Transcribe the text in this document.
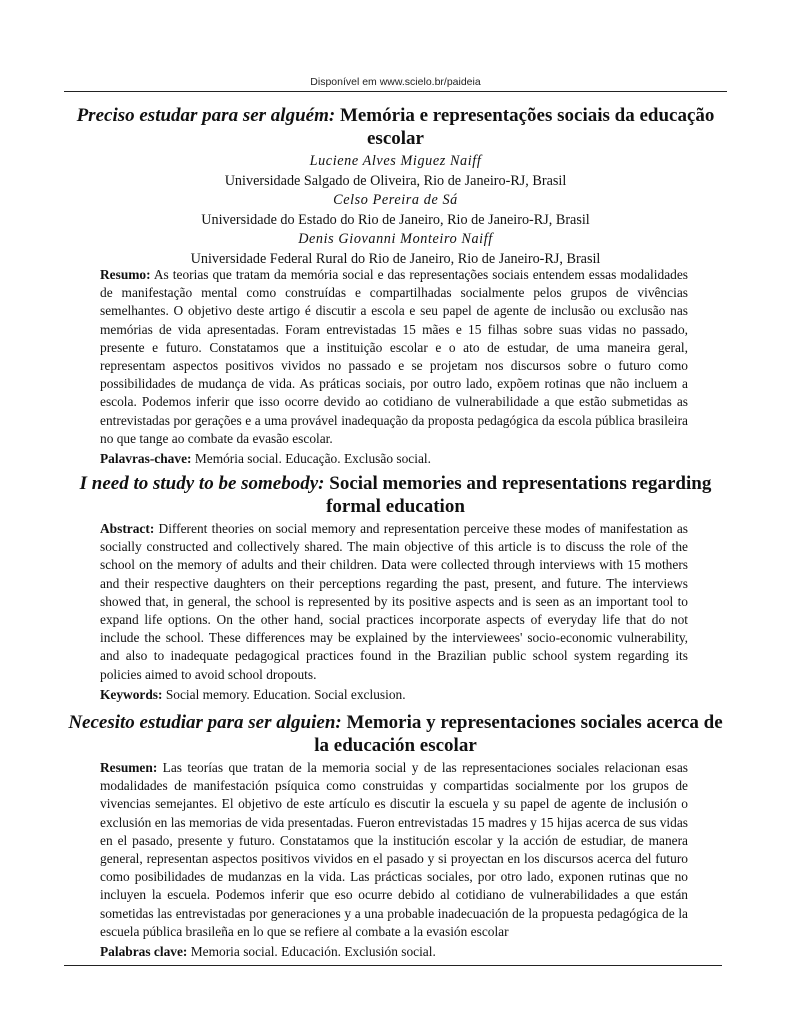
Disponível em www.scielo.br/paideia
Preciso estudar para ser alguém: Memória e representações sociais da educação escolar
Luciene Alves Miguez Naiff
Universidade Salgado de Oliveira, Rio de Janeiro-RJ, Brasil
Celso Pereira de Sá
Universidade do Estado do Rio de Janeiro, Rio de Janeiro-RJ, Brasil
Denis Giovanni Monteiro Naiff
Universidade Federal Rural do Rio de Janeiro, Rio de Janeiro-RJ, Brasil

Resumo: As teorias que tratam da memória social e das representações sociais entendem essas modalidades de manifestação mental como construídas e compartilhadas socialmente pelos grupos de vivências semelhantes. O objetivo deste artigo é discutir a escola e seu papel de agente de inclusão ou exclusão nas memórias de vida apresentadas. Foram entrevistadas 15 mães e 15 filhas sobre suas vidas no passado, presente e futuro. Constatamos que a instituição escolar e o ato de estudar, de uma maneira geral, representam aspectos positivos vividos no passado e se projetam nos discursos sobre o futuro como possibilidades de mudança de vida. As práticas sociais, por outro lado, expõem rotinas que não incluem a escola. Podemos inferir que isso ocorre devido ao cotidiano de vulnerabilidade a que estão submetidas as entrevistadas por gerações e a uma provável inadequação da proposta pedagógica da escola pública brasileira no que tange ao combate da evasão escolar.

Palavras-chave: Memória social. Educação. Exclusão social.

I need to study to be somebody: Social memories and representations regarding formal education

Abstract: Different theories on social memory and representation perceive these modes of manifestation as socially constructed and collectively shared. The main objective of this article is to discuss the role of the school on the memory of adults and their children. Data were collected through interviews with 15 mothers and their respective daughters on their perceptions regarding the past, present, and future. The interviews showed that, in general, the school is represented by its positive aspects and is seen as an important tool to expand life options. On the other hand, social practices incorporate aspects of everyday life that do not include the school. These differences may be explained by the interviewees' socio-economic vulnerability, and also to inadequate pedagogical practices found in the Brazilian public school system regarding its policies aimed to avoid school dropouts.

Keywords: Social memory. Education. Social exclusion.

Necesito estudiar para ser alguien: Memoria y representaciones sociales acerca de la educación escolar

Resumen: Las teorías que tratan de la memoria social y de las representaciones sociales relacionan esas modalidades de manifestación psíquica como construidas y compartidas socialmente por los grupos de vivencias semejantes. El objetivo de este artículo es discutir la escuela y su papel de agente de inclusión o exclusión en las memorias de vida presentadas. Fueron entrevistadas 15 madres y 15 hijas acerca de sus vidas en el pasado, presente y futuro. Constatamos que la institución escolar y la acción de estudiar, de manera general, representan aspectos positivos vividos en el pasado y si proyectan en los discursos acerca del futuro como posibilidades de mudanzas en la vida. Las prácticas sociales, por otro lado, exponen rutinas que no incluyen la escuela. Podemos inferir que eso ocurre debido al cotidiano de vulnerabilidades a que están sometidas las entrevistadas por generaciones y a una probable inadecuación de la propuesta pedagógica de la escuela pública brasileña en lo que se refiere al combate a la evasión escolar

Palabras clave: Memoria social. Educación. Exclusión social.
